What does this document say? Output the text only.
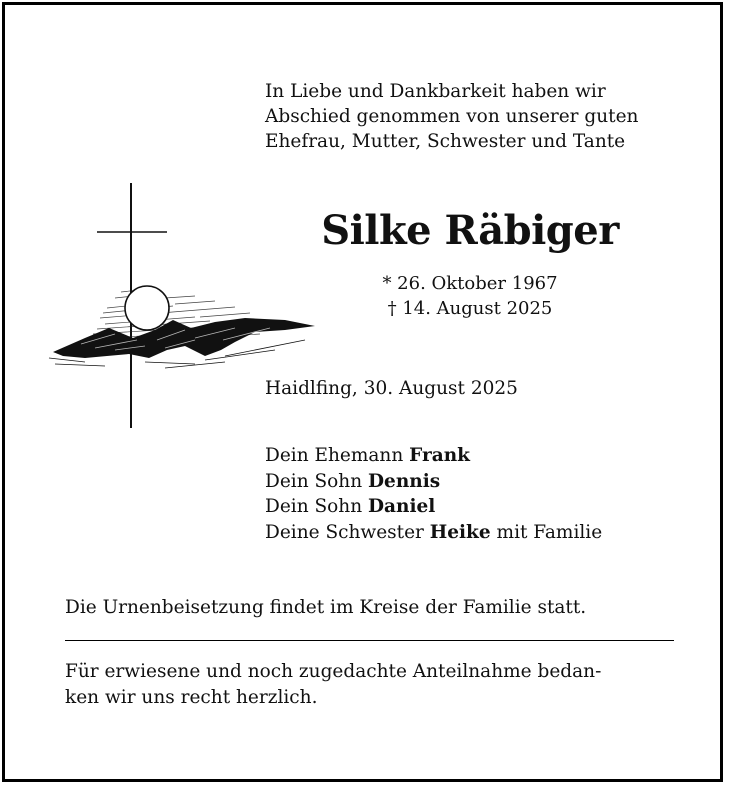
In Liebe und Dankbarkeit haben wir
Abschied genommen von unserer guten
Ehefrau, Mutter, Schwester und Tante
Silke Räbiger
* 26. Oktober 1967
† 14. August 2025
Haidlfing, 30. August 2025
Dein Ehemann Frank
Dein Sohn Dennis
Dein Sohn Daniel
Deine Schwester Heike mit Familie
Die Urnenbeisetzung findet im Kreise der Familie statt.
Für erwiesene und noch zugedachte Anteilnahme bedan-
ken wir uns recht herzlich.
